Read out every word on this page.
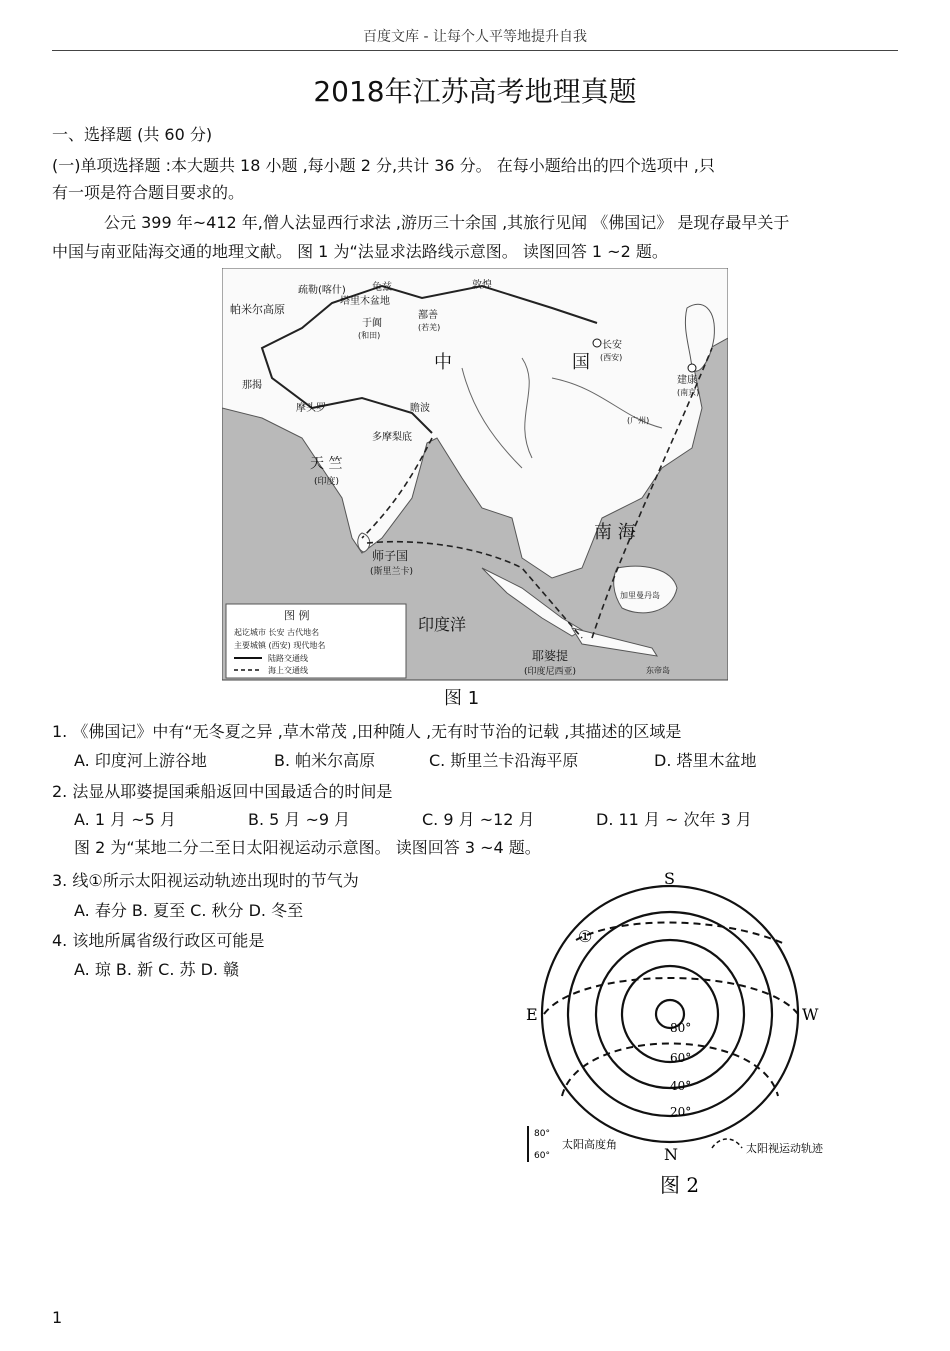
百度文库 - 让每个人平等地提升自我
2018年江苏高考地理真题
一、选择题 (共 60 分)
(一)单项选择题 :本大题共 18 小题 ,每小题 2 分,共计 36 分。 在每小题给出的四个选项中 ,只
有一项是符合题目要求的。
公元 399 年~412 年,僧人法显西行求法 ,游历三十余国 ,其旅行见闻 《佛国记》 是现存最早关于
中国与南亚陆海交通的地理文献。 图 1 为“法显求法路线示意图。 读图回答 1 ~2 题。
帕米尔高原
疏勒(喀什)	龟兹
塔里木盆地
敦煌
于阗
(和田)
鄯善
(若羌)
长安
(西安)
中	国
建康
(南京)
(广州)
那揭
摩头罗	瞻波
多摩梨底
天 竺
(印度)
师子国
(斯里兰卡)
南 海
印度洋
耶婆提
(印度尼西亚)
加里曼丹岛
东帝岛
图 例
起讫城市 长安 古代地名
主要城镇 (西安) 现代地名
陆路交通线
海上交通线
图 1
1. 《佛国记》中有“无冬夏之异 ,草木常茂 ,田种随人 ,无有时节治的记载 ,其描述的区域是
A. 印度河上游谷地	B. 帕米尔高原	C. 斯里兰卡沿海平原	D. 塔里木盆地
2. 法显从耶婆提国乘船返回中国最适合的时间是
A. 1 月 ~5 月	B. 5 月 ~9 月	C. 9 月 ~12 月	D. 11 月 ~ 次年 3 月
图 2 为“某地二分二至日太阳视运动示意图。 读图回答 3 ~4 题。
3. 线①所示太阳视运动轨迹出现时的节气为
A. 春分 B. 夏至 C. 秋分 D. 冬至
4. 该地所属省级行政区可能是
A. 琼 B. 新 C. 苏 D. 赣
S
N
E	W
①
80°
60°
40°
20°
80°
60°
太阳高度角	太阳视运动轨迹
图 2
1
